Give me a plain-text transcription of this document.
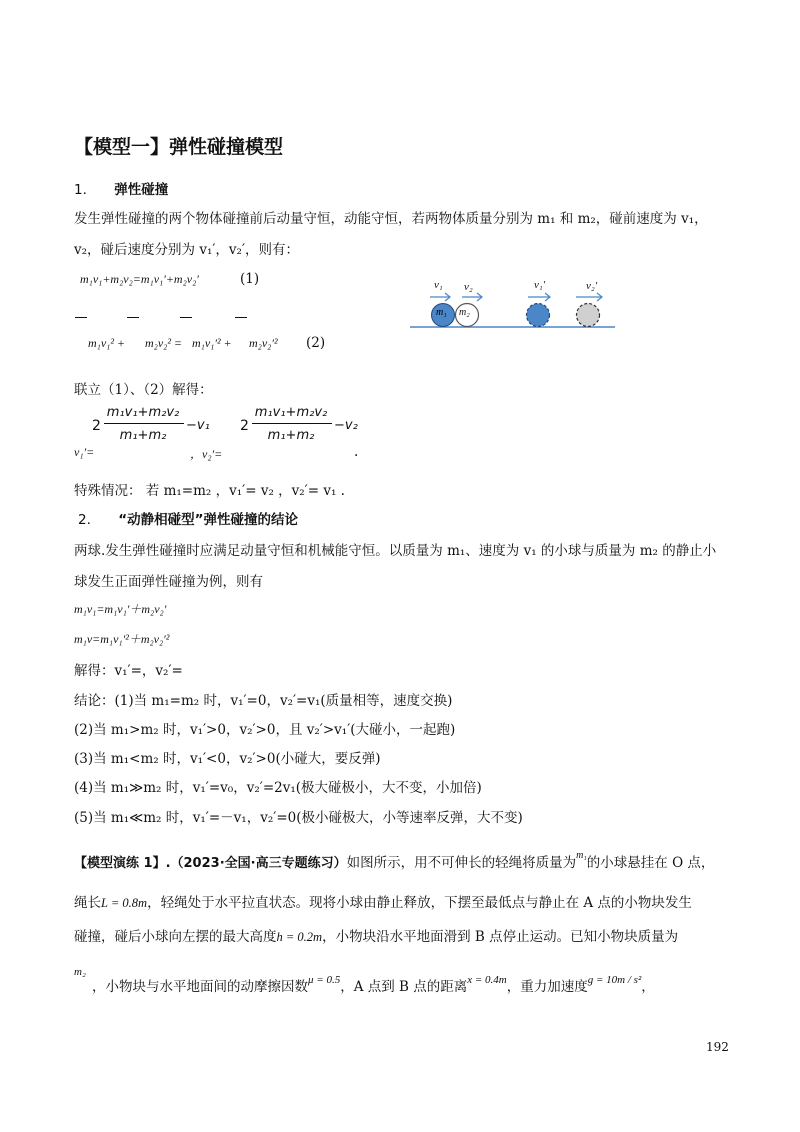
【模型一】弹性碰撞模型
1. 弹性碰撞
发生弹性碰撞的两个物体碰撞前后动量守恒，动能守恒，若两物体质量分别为 m₁ 和 m₂，碰前速度为 v₁，
v₂，碰后速度分别为 v₁′，v₂′，则有：
m₁v₁+m₂v₂=m₁v₁′+m₂v₂′	(1)
m₁v₁² + m₂v₂² = m₁v₁′² + m₂v₂′² (2)
v₁ v₂	v₁′	v₂′
m₁ m₂
联立（1）、（2）解得：
2
m₁v₁+m₂v₂
m₁+m₂
−v₁ 2
m₁v₁+m₂v₂
m₁+m₂
−v₂
v₁′=	，v₂′=	.
特殊情况： 若 m₁=m₂ ，v₁′= v₂ ，v₂′= v₁ .
2. “动静相碰型”弹性碰撞的结论
两球.发生弹性碰撞时应满足动量守恒和机械能守恒。以质量为 m₁、速度为 v₁ 的小球与质量为 m₂ 的静止小
球发生正面弹性碰撞为例，则有
m₁v₁=m₁v₁′＋m₂v₂′
m₁v=m₁v₁′²＋m₂v₂′²
解得：v₁′=，v₂′=
结论：(1)当 m₁=m₂ 时，v₁′=0，v₂′=v₁(质量相等，速度交换)
(2)当 m₁>m₂ 时，v₁′>0，v₂′>0，且 v₂′>v₁′(大碰小，一起跑)
(3)当 m₁<m₂ 时，v₁′<0，v₂′>0(小碰大，要反弹)
(4)当 m₁≫m₂ 时，v₁′=v₀，v₂′=2v₁(极大碰极小，大不变，小加倍)
(5)当 m₁≪m₂ 时，v₁′=－v₁，v₂′=0(极小碰极大，小等速率反弹，大不变)
【模型演练 1】.（2023·全国·高三专题练习）如图所示，用不可伸长的轻绳将质量为$^{m_1}$的小球悬挂在 O 点，
绳长L = 0.8m，轻绳处于水平拉直状态。现将小球由静止释放，下摆至最低点与静止在 A 点的小物块发生
碰撞，碰后小球向左摆的最大高度h = 0.2m，小物块沿水平地面滑到 B 点停止运动。已知小物块质量为
m₂
，小物块与水平地面间的动摩擦因数$^{\mu = 0.5}$，A 点到 B 点的距离$^{x = 0.4m}$，重力加速度$^{g = 10m / s^2}$，
192
